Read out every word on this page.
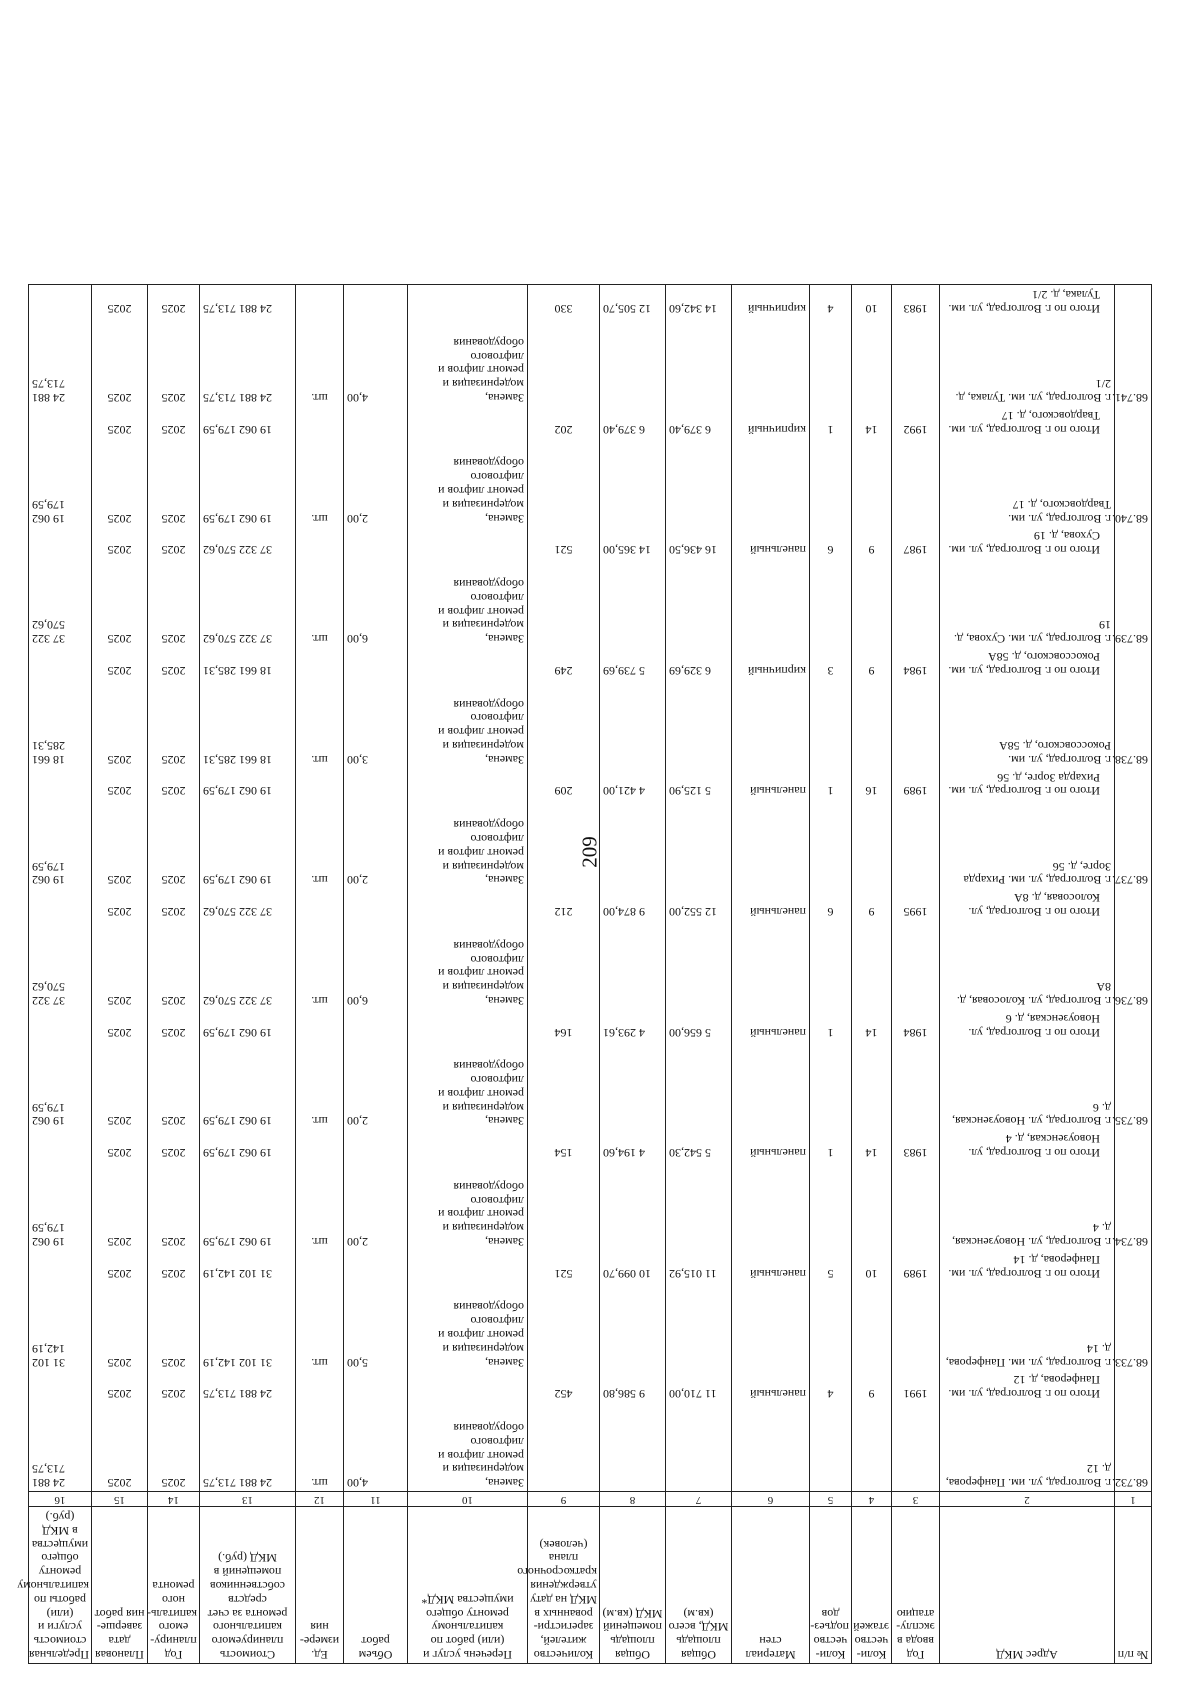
209
№ п/п	Адрес МКД	Год ввода в эксплу-атацию	Коли-чество этажей	Коли-чество подъез-дов	Материал стен	Общая площадь МКД, всего (кв.м)	Общая площадь помещений МКД (кв.м)	Количество жителей, зарегистри-рованных в МКД на дату утверждения краткосрочного плана (человек)	Перечень услуг и (или) работ по капитальному ремонту общего имущества МКД*	Объем работ	Ед. измере-ния	Стоимость планируемого капитального ремонта за счет средств собственников помещений в МКД (руб.)	Год планиру-емого капиталь-ного ремонта	Плановая дата заверше-ния работ	Предельная стоимость услуги и (или) работы по капитальному ремонту общего имущества в МКД (руб.)
1	2	3	4	5	6	7	8	9	10	11	12	13	14	15	16
68.732.	г. Волгоград, ул. им. Панферова, д. 12								Замена, модернизация и ремонт лифтов и лифтового оборудования	4,00	шт.	24 881 713,75	2025	2025	24 881 713,75
	Итого по г. Волгоград, ул. им. Панферова, д. 12	1991	9	4	панельный	11 710,00	9 586,80	452				24 881 713,75	2025	2025	
68.733.	г. Волгоград, ул. им. Панферова, д. 14								Замена, модернизация и ремонт лифтов и лифтового оборудования	5,00	шт.	31 102 142,19	2025	2025	31 102 142,19
	Итого по г. Волгоград, ул. им. Панферова, д. 14	1989	10	5	панельный	11 015,92	10 099,70	521				31 102 142,19	2025	2025	
68.734.	г. Волгоград, ул. Новоузенская, д. 4								Замена, модернизация и ремонт лифтов и лифтового оборудования	2,00	шт.	19 062 179,59	2025	2025	19 062 179,59
	Итого по г. Волгоград, ул. Новоузенская, д. 4	1983	14	1	панельный	5 542,30	4 194,60	154				19 062 179,59	2025	2025	
68.735.	г. Волгоград, ул. Новоузенская, д. 6								Замена, модернизация и ремонт лифтов и лифтового оборудования	2,00	шт.	19 062 179,59	2025	2025	19 062 179,59
	Итого по г. Волгоград, ул. Новоузенская, д. 6	1984	14	1	панельный	5 656,00	4 293,61	164				19 062 179,59	2025	2025	
68.736.	г. Волгоград, ул. Колосовая, д. 8А								Замена, модернизация и ремонт лифтов и лифтового оборудования	6,00	шт.	37 322 570,62	2025	2025	37 322 570,62
	Итого по г. Волгоград, ул. Колосовая, д. 8А	1995	9	6	панельный	12 552,00	9 874,00	212				37 322 570,62	2025	2025	
68.737.	г. Волгоград, ул. им. Рихарда Зорге, д. 56								Замена, модернизация и ремонт лифтов и лифтового оборудования	2,00	шт.	19 062 179,59	2025	2025	19 062 179,59
	Итого по г. Волгоград, ул. им. Рихарда Зорге, д. 56	1989	16	1	панельный	5 125,90	4 421,00	209				19 062 179,59	2025	2025	
68.738.	г. Волгоград, ул. им. Рокоссовского, д. 58А								Замена, модернизация и ремонт лифтов и лифтового оборудования	3,00	шт.	18 661 285,31	2025	2025	18 661 285,31
	Итого по г. Волгоград, ул. им. Рокоссовского, д. 58А	1984	9	3	кирпичный	6 329,69	5 739,69	249				18 661 285,31	2025	2025	
68.739.	г. Волгоград, ул. им. Сухова, д. 19								Замена, модернизация и ремонт лифтов и лифтового оборудования	6,00	шт.	37 322 570,62	2025	2025	37 322 570,62
	Итого по г. Волгоград, ул. им. Сухова, д. 19	1987	9	6	панельный	16 436,50	14 365,00	521				37 322 570,62	2025	2025	
68.740.	г. Волгоград, ул. им. Твардовского, д. 17								Замена, модернизация и ремонт лифтов и лифтового оборудования	2,00	шт.	19 062 179,59	2025	2025	19 062 179,59
	Итого по г. Волгоград, ул. им. Твардовского, д. 17	1992	14	1	кирпичный	6 379,40	6 379,40	202				19 062 179,59	2025	2025	
68.741.	г. Волгоград, ул. им. Тулака, д. 2/1								Замена, модернизация и ремонт лифтов и лифтового оборудования	4,00	шт.	24 881 713,75	2025	2025	24 881 713,75
	Итого по г. Волгоград, ул. им. Тулака, д. 2/1	1983	10	4	кирпичный	14 342,60	12 505,70	330				24 881 713,75	2025	2025	
